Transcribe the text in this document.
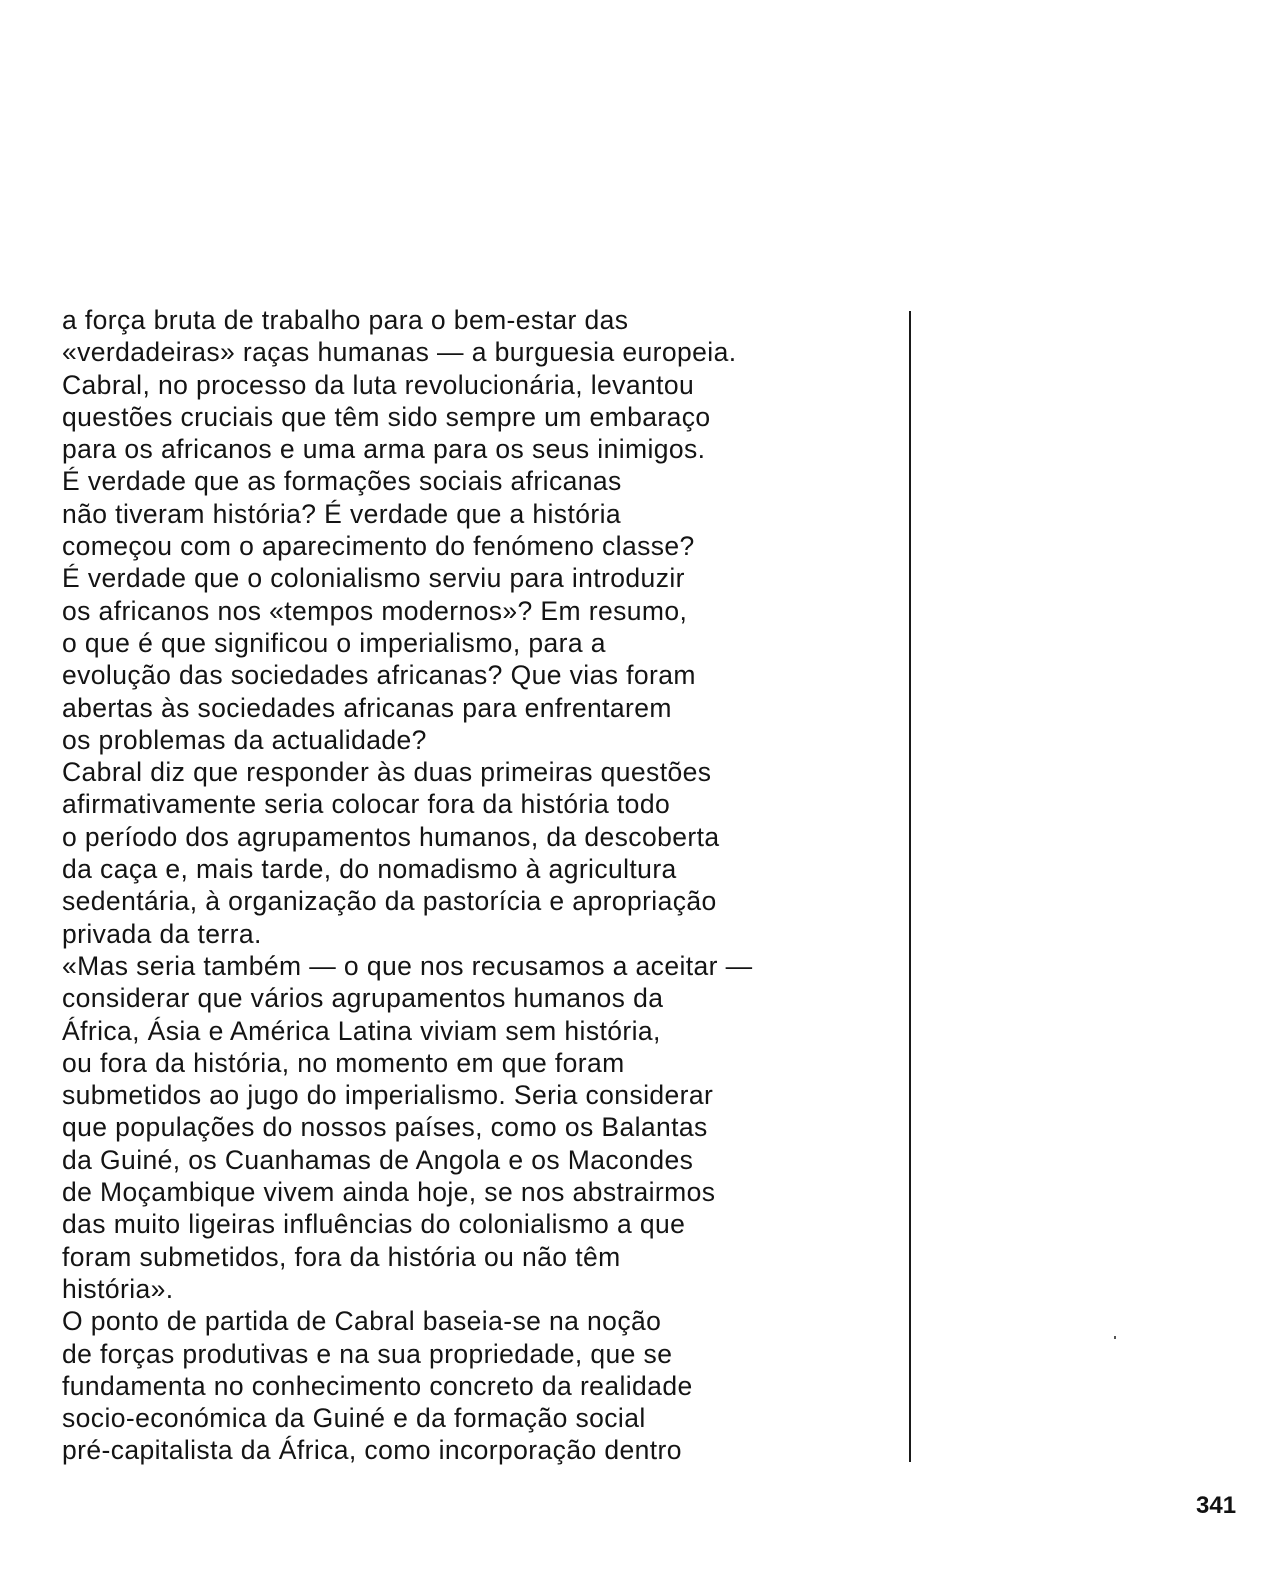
a força bruta de trabalho para o bem-estar das
«verdadeiras» raças humanas — a burguesia europeia.
Cabral, no processo da luta revolucionária, levantou
questões cruciais que têm sido sempre um embaraço
para os africanos e uma arma para os seus inimigos.
É verdade que as formações sociais africanas
não tiveram história? É verdade que a história
começou com o aparecimento do fenómeno classe?
É verdade que o colonialismo serviu para introduzir
os africanos nos «tempos modernos»? Em resumo,
o que é que significou o imperialismo, para a
evolução das sociedades africanas? Que vias foram
abertas às sociedades africanas para enfrentarem
os problemas da actualidade?
Cabral diz que responder às duas primeiras questões
afirmativamente seria colocar fora da história todo
o período dos agrupamentos humanos, da descoberta
da caça e, mais tarde, do nomadismo à agricultura
sedentária, à organização da pastorícia e apropriação
privada da terra.
«Mas seria também — o que nos recusamos a aceitar —
considerar que vários agrupamentos humanos da
África, Ásia e América Latina viviam sem história,
ou fora da história, no momento em que foram
submetidos ao jugo do imperialismo. Seria considerar
que populações do nossos países, como os Balantas
da Guiné, os Cuanhamas de Angola e os Macondes
de Moçambique vivem ainda hoje, se nos abstrairmos
das muito ligeiras influências do colonialismo a que
foram submetidos, fora da história ou não têm
história».
O ponto de partida de Cabral baseia-se na noção
de forças produtivas e na sua propriedade, que se
fundamenta no conhecimento concreto da realidade
socio-económica da Guiné e da formação social
pré-capitalista da África, como incorporação dentro
341
